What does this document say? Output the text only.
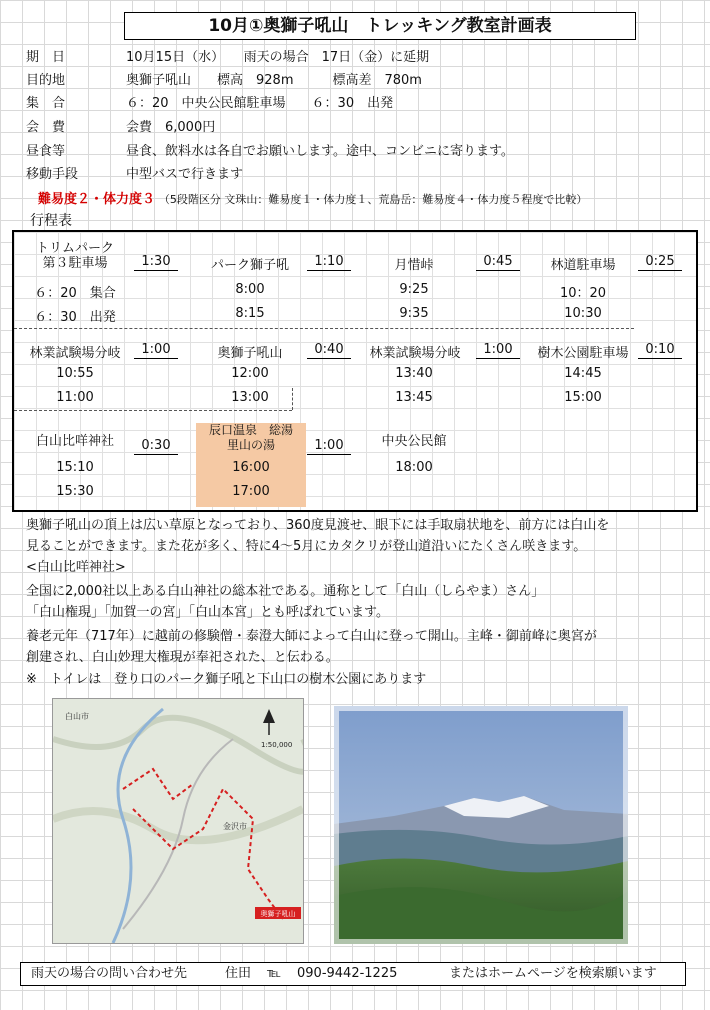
10月①奥獅子吼山　トレッキング教室計画表
期　日	10月15日（水）　　雨天の場合　17日（金）に延期
目的地	奥獅子吼山　　標高　928m　　　標高差　780m
集　合	６：20　中央公民館駐車場　　６：30　出発
会　費	会費　6,000円
昼食等	昼食、飲料水は各自でお願いします。途中、コンビニに寄ります。
移動手段	中型バスで行きます
難易度２・体力度３ （5段階区分 文珠山：難易度１・体力度１、荒島岳：難易度４・体力度５程度で比較）
行程表
トリムパーク
第３駐車場	1:30	パーク獅子吼	1:10	月惜峠	0:45	林道駐車場	0:25
６：20　集合	8:00	9:25	10：20
６：30　出発	8:15	9:35	10:30
林業試験場分岐	1:00	奥獅子吼山	0:40	林業試験場分岐	1:00	樹木公園駐車場	0:10
10:55	12:00	13:40	14:45
11:00	13:00	13:45	15:00
白山比咩神社	0:30
辰口温泉　総湯
里山の湯	1:00	中央公民館
15:10	16:00	18:00
15:30	17:00
奥獅子吼山の頂上は広い草原となっており、360度見渡せ、眼下には手取扇状地を、前方には白山を
見ることができます。また花が多く、特に4～5月にカタクリが登山道沿いにたくさん咲きます。
<白山比咩神社>
全国に2,000社以上ある白山神社の総本社である。通称として「白山（しらやま）さん」
「白山権現」「加賀一の宮」「白山本宮」とも呼ばれています。
養老元年（717年）に越前の修験僧・泰澄大師によって白山に登って開山。主峰・御前峰に奥宮が
創建され、白山妙理大権現が奉祀された、と伝わる。
※　トイレは　登り口のパーク獅子吼と下山口の樹木公園にあります
奥獅子吼山
白山市
金沢市
1:50,000
雨天の場合の問い合わせ先	住田 ℡ 090-9442-1225	またはホームページを検索願います
